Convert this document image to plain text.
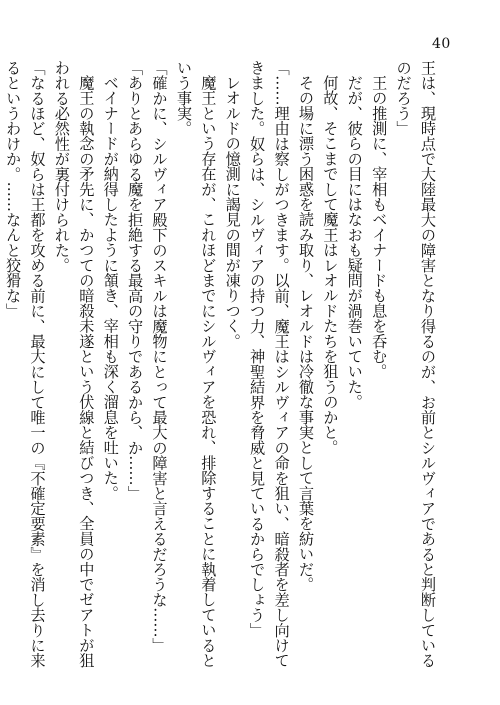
40

王は、現時点で大陸最大の障害となり得るのが、お前とシルヴィアであると判断しているのだろう」

王の推測に、宰相もベイナードも息を呑む。

だが、彼らの目にはなおも疑問が渦巻いていた。

何故、そこまでして魔王はレオルドたちを狙うのかと。

その場に漂う困惑を読み取り、レオルドは冷徹な事実として言葉を紡いだ。

「……理由は察しがつきます。以前、魔王はシルヴィアの命を狙い、暗殺者を差し向けてきました。奴らは、シルヴィアの持つ力、神聖結界を脅威と見ているからでしょう」

レオルドの憶測に謁見の間が凍りつく。

魔王という存在が、これほどまでにシルヴィアを恐れ、排除することに執着しているという事実。

「確かに、シルヴィア殿下のスキルは魔物にとって最大の障害と言えるだろうな……」

「ありとあらゆる魔を拒絶する最高の守りであるから、か……」

ベイナードが納得したように頷き、宰相も深く溜息を吐いた。

魔王の執念の矛先に、かつての暗殺未遂という伏線と結びつき、全員の中でゼアトが狙われる必然性が裏付けられた。

「なるほど、奴らは王都を攻める前に、最大にして唯一の『不確定要素』を消し去りに来るというわけか。……なんと狡猾な」
